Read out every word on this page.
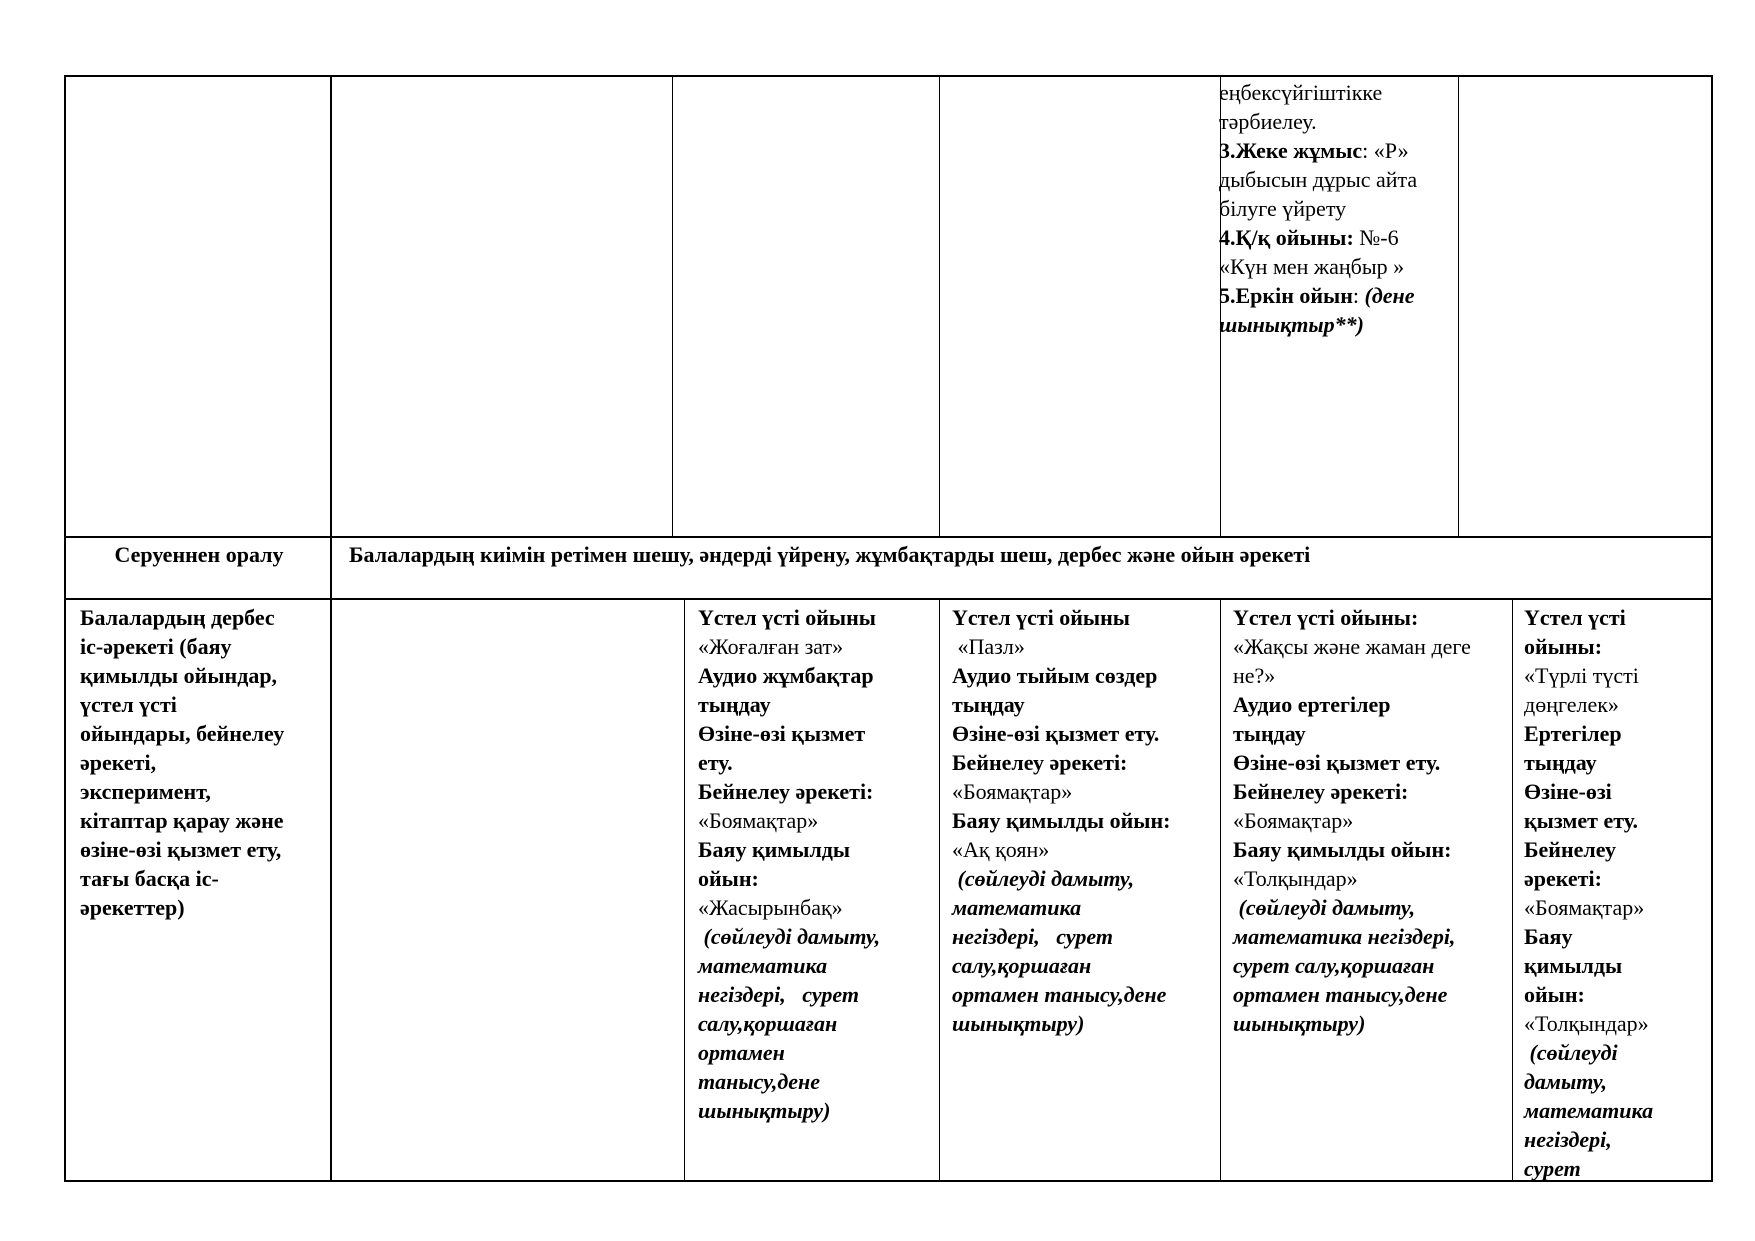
еңбексүйгіштікке
тәрбиелеу.
3.Жеке жұмыс: «Р»
дыбысын дұрыс айта
білуге үйрету
4.Қ/қ ойыны: №-6
«Күн мен жаңбыр »
5.Еркін ойын: (дене
шынықтыр**)
Серуеннен оралу	Балалардың киімін ретімен шешу, әндерді үйрену, жұмбақтарды шеш, дербес және ойын әрекеті
Балалардың дербес
іс-әрекеті (баяу
қимылды ойындар,
үстел үсті
ойындары, бейнелеу
әрекеті,
эксперимент,
кітаптар қарау және
өзіне-өзі қызмет ету,
тағы басқа іс-
әрекеттер)
Үстел үсті ойыны
«Жоғалған зат»
Аудио жұмбақтар
тыңдау
Өзіне-өзі қызмет
ету.
Бейнелеу әрекеті:
«Боямақтар»
Баяу қимылды
ойын:
«Жасырынбақ»
(сөйлеуді дамыту,
математика
негіздері,   сурет
салу,қоршаған
ортамен
танысу,дене
шынықтыру)
Үстел үсті ойыны
«Пазл»
Аудио тыйым сөздер
тыңдау
Өзіне-өзі қызмет ету.
Бейнелеу әрекеті:
«Боямақтар»
Баяу қимылды ойын:
«Ақ қоян»
(сөйлеуді дамыту,
математика
негіздері,   сурет
салу,қоршаған
ортамен танысу,дене
шынықтыру)
Үстел үсті ойыны:
«Жақсы және жаман деге
не?»
Аудио ертегілер
тыңдау
Өзіне-өзі қызмет ету.
Бейнелеу әрекеті:
«Боямақтар»
Баяу қимылды ойын:
«Толқындар»
(сөйлеуді дамыту,
математика негіздері,
сурет салу,қоршаған
ортамен танысу,дене
шынықтыру)
Үстел үсті
ойыны:
«Түрлі түсті
дөңгелек»
Ертегілер
тыңдау
Өзіне-өзі
қызмет ету.
Бейнелеу
әрекеті:
«Боямақтар»
Баяу
қимылды
ойын:
«Толқындар»
(сөйлеуді
дамыту,
математика
негіздері,
сурет
